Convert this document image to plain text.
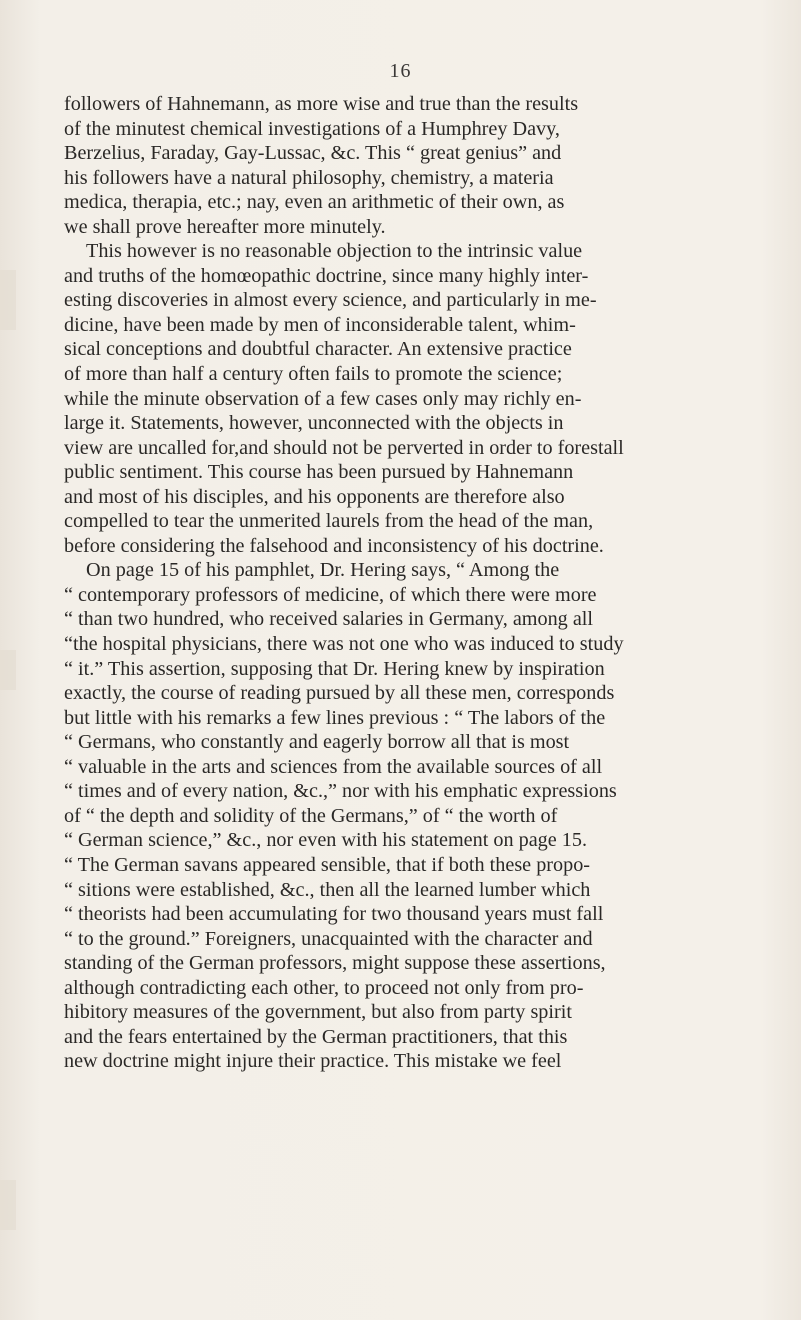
16
followers of Hahnemann, as more wise and true than the results
of the minutest chemical investigations of a Humphrey Davy,
Berzelius, Faraday, Gay-Lussac, &c. This “ great genius” and
his followers have a natural philosophy, chemistry, a materia
medica, therapia, etc.; nay, even an arithmetic of their own, as
we shall prove hereafter more minutely.
This however is no reasonable objection to the intrinsic value
and truths of the homœopathic doctrine, since many highly inter-
esting discoveries in almost every science, and particularly in me-
dicine, have been made by men of inconsiderable talent, whim-
sical conceptions and doubtful character. An extensive practice
of more than half a century often fails to promote the science;
while the minute observation of a few cases only may richly en-
large it. Statements, however, unconnected with the objects in
view are uncalled for,and should not be perverted in order to forestall
public sentiment. This course has been pursued by Hahnemann
and most of his disciples, and his opponents are therefore also
compelled to tear the unmerited laurels from the head of the man,
before considering the falsehood and inconsistency of his doctrine.
On page 15 of his pamphlet, Dr. Hering says, “ Among the
“ contemporary professors of medicine, of which there were more
“ than two hundred, who received salaries in Germany, among all
“the hospital physicians, there was not one who was induced to study
“ it.” This assertion, supposing that Dr. Hering knew by inspiration
exactly, the course of reading pursued by all these men, corresponds
but little with his remarks a few lines previous : “ The labors of the
“ Germans, who constantly and eagerly borrow all that is most
“ valuable in the arts and sciences from the available sources of all
“ times and of every nation, &c.,” nor with his emphatic expressions
of “ the depth and solidity of the Germans,” of “ the worth of
“ German science,” &c., nor even with his statement on page 15.
“ The German savans appeared sensible, that if both these propo-
“ sitions were established, &c., then all the learned lumber which
“ theorists had been accumulating for two thousand years must fall
“ to the ground.” Foreigners, unacquainted with the character and
standing of the German professors, might suppose these assertions,
although contradicting each other, to proceed not only from pro-
hibitory measures of the government, but also from party spirit
and the fears entertained by the German practitioners, that this
new doctrine might injure their practice. This mistake we feel
